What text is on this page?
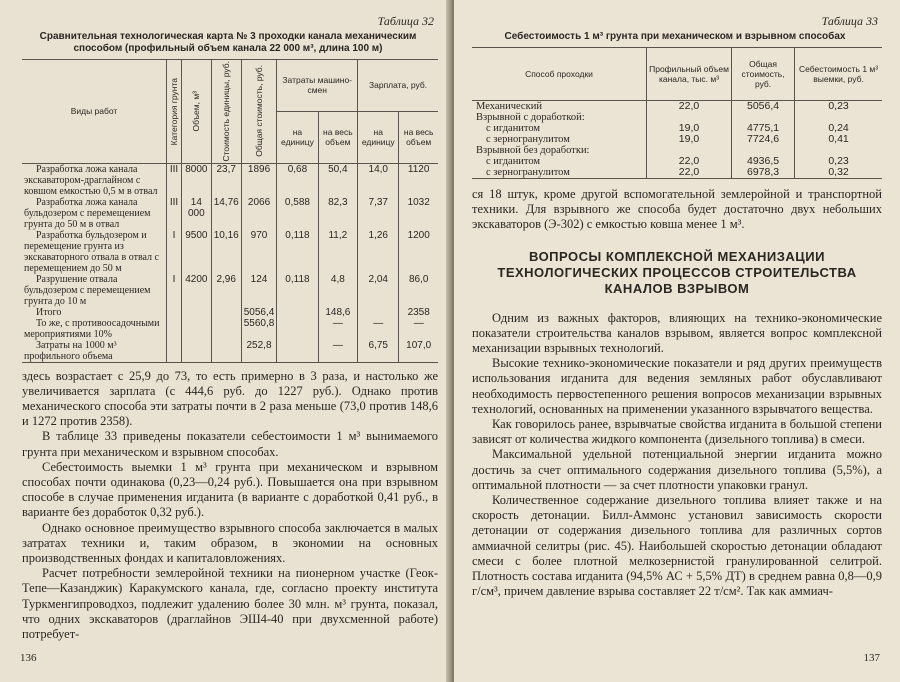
Таблица 32
Сравнительная технологическая карта № 3 проходки канала механическим способом (профильный объем канала 22 000 м³, длина 100 м)
Виды работ	Категория грунта	Объем, м³	Стоимость единицы, руб.	Общая стоимость, руб.	Затраты машино-смен		Зарплата, руб.	
					на единицу	на весь объем	на единицу	на весь объем
Разработка ложа канала экскаватором-драглайном с ковшом емкостью 0,5 м в отвал	III	8000	23,7	1896	0,68	50,4	14,0	1120
Разработка ложа канала бульдозером с перемещением грунта до 50 м в отвал	III	14 000	14,76	2066	0,588	82,3	7,37	1032
Разработка бульдозером и перемещение грунта из экскаваторного отвала в отвал с перемещением до 50 м	I	9500	10,16	970	0,118	11,2	1,26	1200
Разрушение отвала бульдозером с перемещением грунта до 10 м	I	4200	2,96	124	0,118	4,8	2,04	86,0
Итого				5056,4		148,6		2358
То же, с противоосадочными мероприятиями 10%				5560,8		—	—	—
Затраты на 1000 м³ профильного объема				252,8		—	6,75	107,0

здесь возрастает с 25,9 до 73, то есть примерно в 3 раза, и настолько же увеличивается зарплата (с 444,6 руб. до 1227 руб.). Однако против механического способа эти затраты почти в 2 раза меньше (73,0 против 148,6 и 1272 против 2358).

В таблице 33 приведены показатели себестоимости 1 м³ вынимаемого грунта при механическом и взрывном способах.

Себестоимость выемки 1 м³ грунта при механическом и взрывном способах почти одинакова (0,23—0,24 руб.). Повышается она при взрывном способе в случае применения игданита (в варианте с доработкой 0,41 руб., в варианте без доработок 0,32 руб.).

Однако основное преимущество взрывного способа заключается в малых затратах техники и, таким образом, в экономии на основных производственных фондах и капиталовложениях.

Расчет потребности землеройной техники на пионерном участке (Геок-Тепе—Казанджик) Каракумского канала, где, согласно проекту института Туркменгипроводхоз, подлежит удалению более 30 млн. м³ грунта, показал, что одних экскаваторов (драглайнов ЭШ4-40 при двухсменной работе) потребует-

136
Таблица 33
Себестоимость 1 м³ грунта при механическом и взрывном способах
Способ проходки	Профильный объем канала, тыс. м³	Общая стоимость, руб.	Себестоимость 1 м³ выемки, руб.
Механический	22,0	5056,4	0,23
Взрывной с доработкой:			
с игданитом	19,0	4775,1	0,24
с зерногранулитом	19,0	7724,6	0,41
Взрывной без доработки:			
с игданитом	22,0	4936,5	0,23
с зерногранулитом	22,0	6978,3	0,32

ся 18 штук, кроме другой вспомогательной землеройной и транспортной техники. Для взрывного же способа будет достаточно двух небольших экскаваторов (Э-302) с емкостью ковша менее 1 м³.

ВОПРОСЫ КОМПЛЕКСНОЙ МЕХАНИЗАЦИИ ТЕХНОЛОГИЧЕСКИХ ПРОЦЕССОВ СТРОИТЕЛЬСТВА КАНАЛОВ ВЗРЫВОМ

Одним из важных факторов, влияющих на технико-экономические показатели строительства каналов взрывом, является вопрос комплексной механизации взрывных технологий.

Высокие технико-экономические показатели и ряд других преимуществ использования игданита для ведения земляных работ обуславливают необходимость первостепенного решения вопросов механизации взрывных технологий, основанных на применении указанного взрывчатого вещества.

Как говорилось ранее, взрывчатые свойства игданита в большой степени зависят от количества жидкого компонента (дизельного топлива) в смеси.

Максимальной удельной потенциальной энергии игданита можно достичь за счет оптимального содержания дизельного топлива (5,5%), а оптимальной плотности — за счет плотности упаковки гранул.

Количественное содержание дизельного топлива влияет также и на скорость детонации. Билл-Аммонс установил зависимость скорости детонации от содержания дизельного топлива для различных сортов аммиачной селитры (рис. 45). Наибольшей скоростью детонации обладают смеси с более плотной мелкозернистой гранулированной селитрой. Плотность состава игданита (94,5% АС + 5,5% ДТ) в среднем равна 0,8—0,9 г/см³, причем давление взрыва составляет 22 т/см². Так как аммиач-

137
